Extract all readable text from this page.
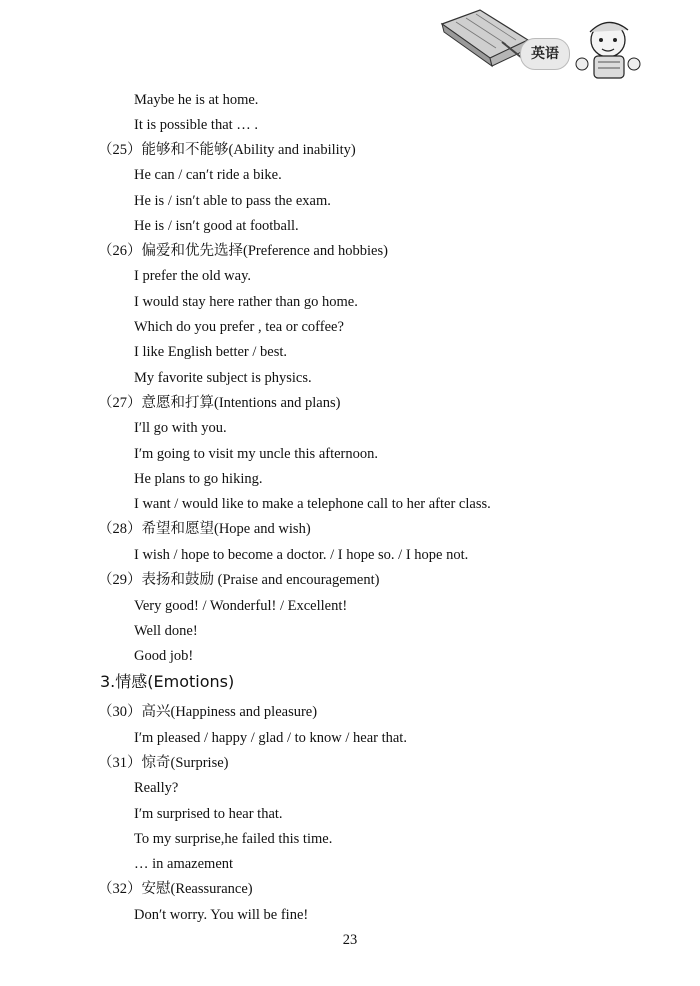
英语
Maybe he is at home.
It is possible that … .
（25）能够和不能够(Ability and inability)
He can / can′t ride a bike.
He is / isn′t able to pass the exam.
He is / isn′t good at football.
（26）偏爱和优先选择(Preference and hobbies)
I prefer the old way.
I would stay here rather than go home.
Which do you prefer , tea or coffee?
I like English better / best.
My favorite subject is physics.
（27）意愿和打算(Intentions and plans)
I′ll go with you.
I′m going to visit my uncle this afternoon.
He plans to go hiking.
I want / would like to make a telephone call to her after class.
（28）希望和愿望(Hope and wish)
I wish / hope to become a doctor. / I hope so. / I hope not.
（29）表扬和鼓励 (Praise and encouragement)
Very good! / Wonderful! / Excellent!
Well done!
Good job!
3.情感(Emotions)
（30）高兴(Happiness and pleasure)
I′m pleased / happy / glad / to know / hear that.
（31）惊奇(Surprise)
Really?
I′m surprised to hear that.
To my surprise,he failed this time.
… in amazement
（32）安慰(Reassurance)
Don′t worry. You will be fine!
23
